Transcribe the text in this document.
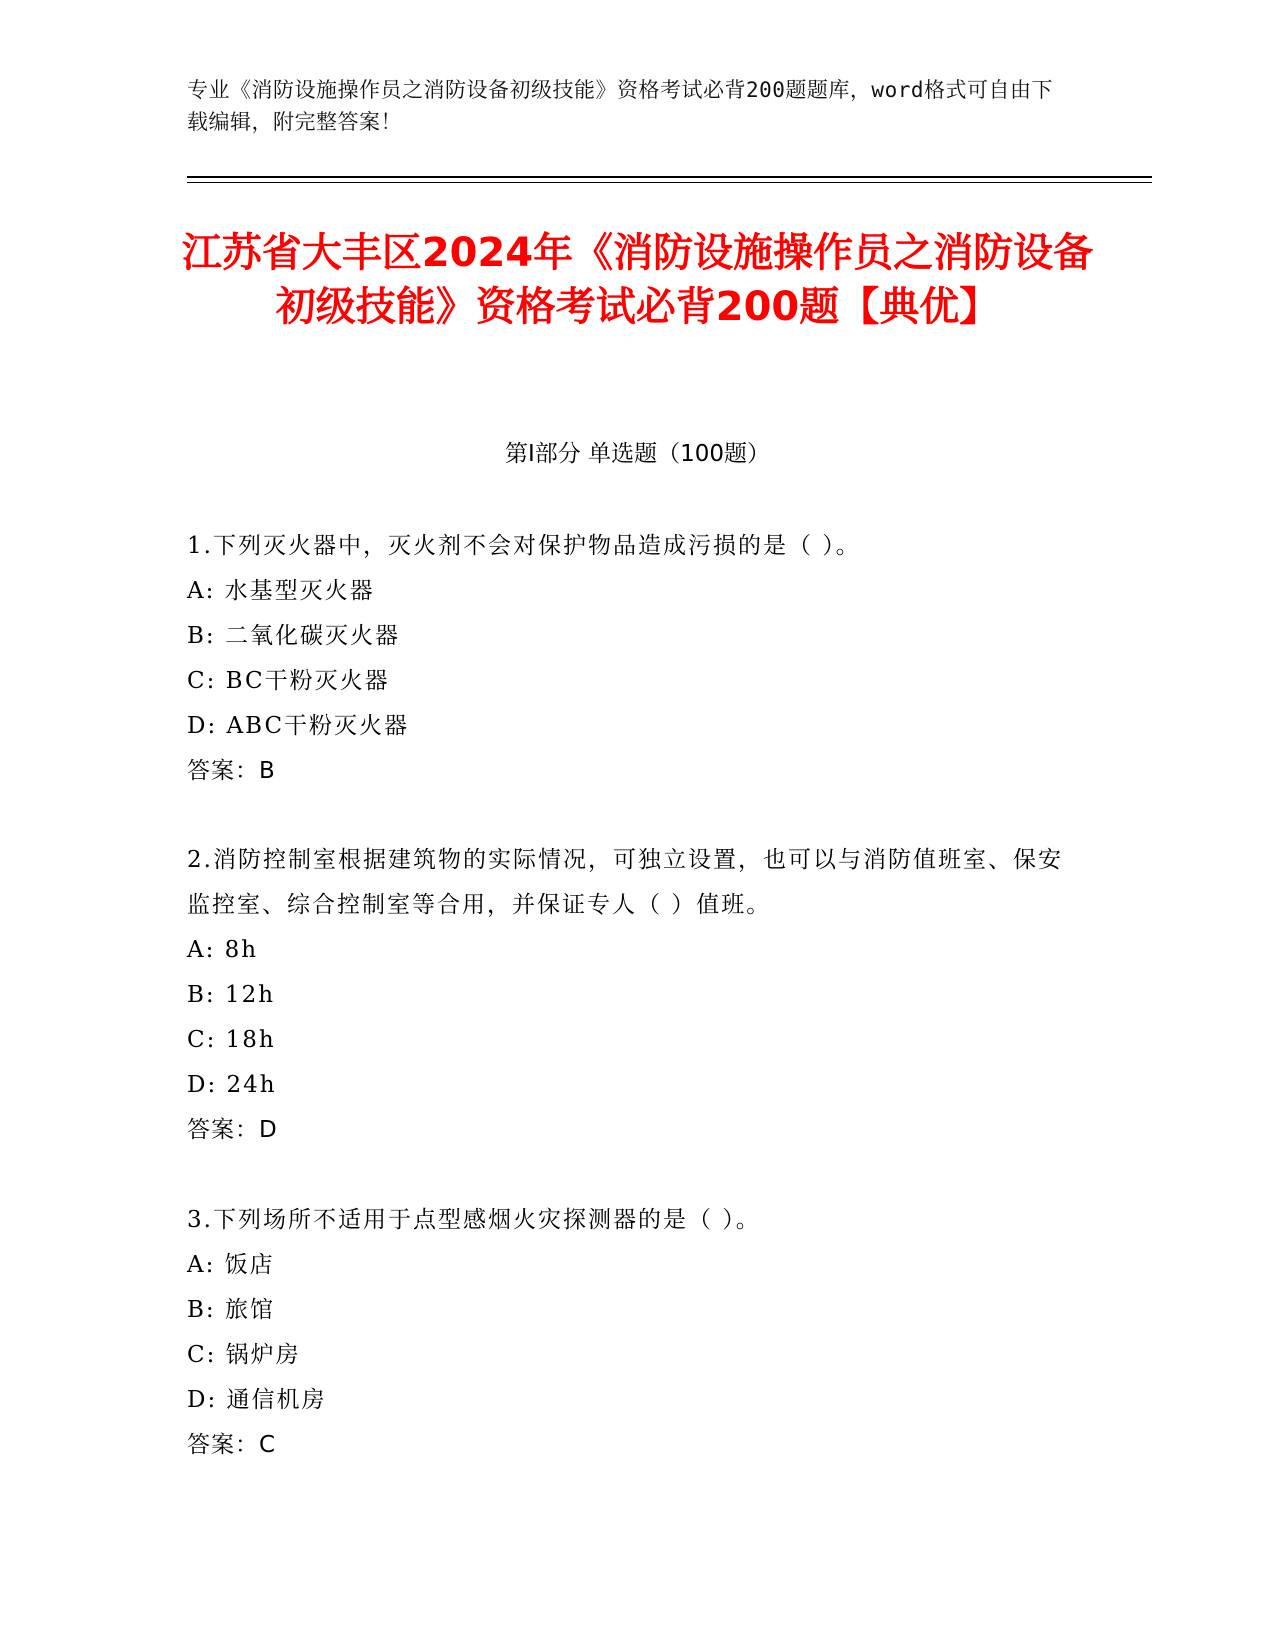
专业《消防设施操作员之消防设备初级技能》资格考试必背200题题库，word格式可自由下载编辑，附完整答案！
江苏省大丰区2024年《消防设施操作员之消防设备初级技能》资格考试必背200题【典优】
第I部分 单选题（100题）
1.下列灭火器中，灭火剂不会对保护物品造成污损的是（ ）。
A: 水基型灭火器
B: 二氧化碳灭火器
C: BC干粉灭火器
D: ABC干粉灭火器
答案：B
2.消防控制室根据建筑物的实际情况，可独立设置，也可以与消防值班室、保安监控室、综合控制室等合用，并保证专人（ ）值班。
A: 8h
B: 12h
C: 18h
D: 24h
答案：D
3.下列场所不适用于点型感烟火灾探测器的是（ ）。
A: 饭店
B: 旅馆
C: 锅炉房
D: 通信机房
答案：C
